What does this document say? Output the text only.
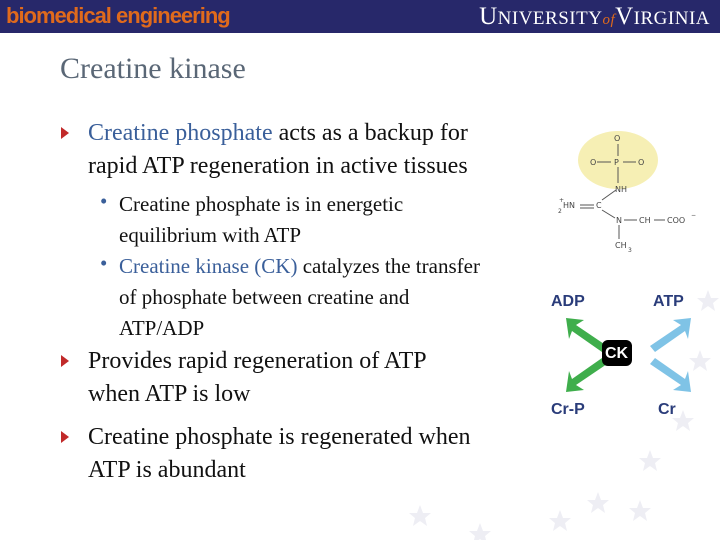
biomedical engineering	UNIVERSITYofVIRGINIA
Creatine kinase
Creatine phosphate acts as a backup for
rapid ATP regeneration in active tissues
• Creatine phosphate is in energetic
equilibrium with ATP
• Creatine kinase (CK) catalyzes the transfer
of phosphate between creatine and
ATP/ADP
Provides rapid regeneration of ATP
when ATP is low
Creatine phosphate is regenerated when
ATP is abundant
O
O P O
NH
+
2
HN	C
N CH COO
−
CH
3
ADP	ATP
CK
Cr-P	Cr
